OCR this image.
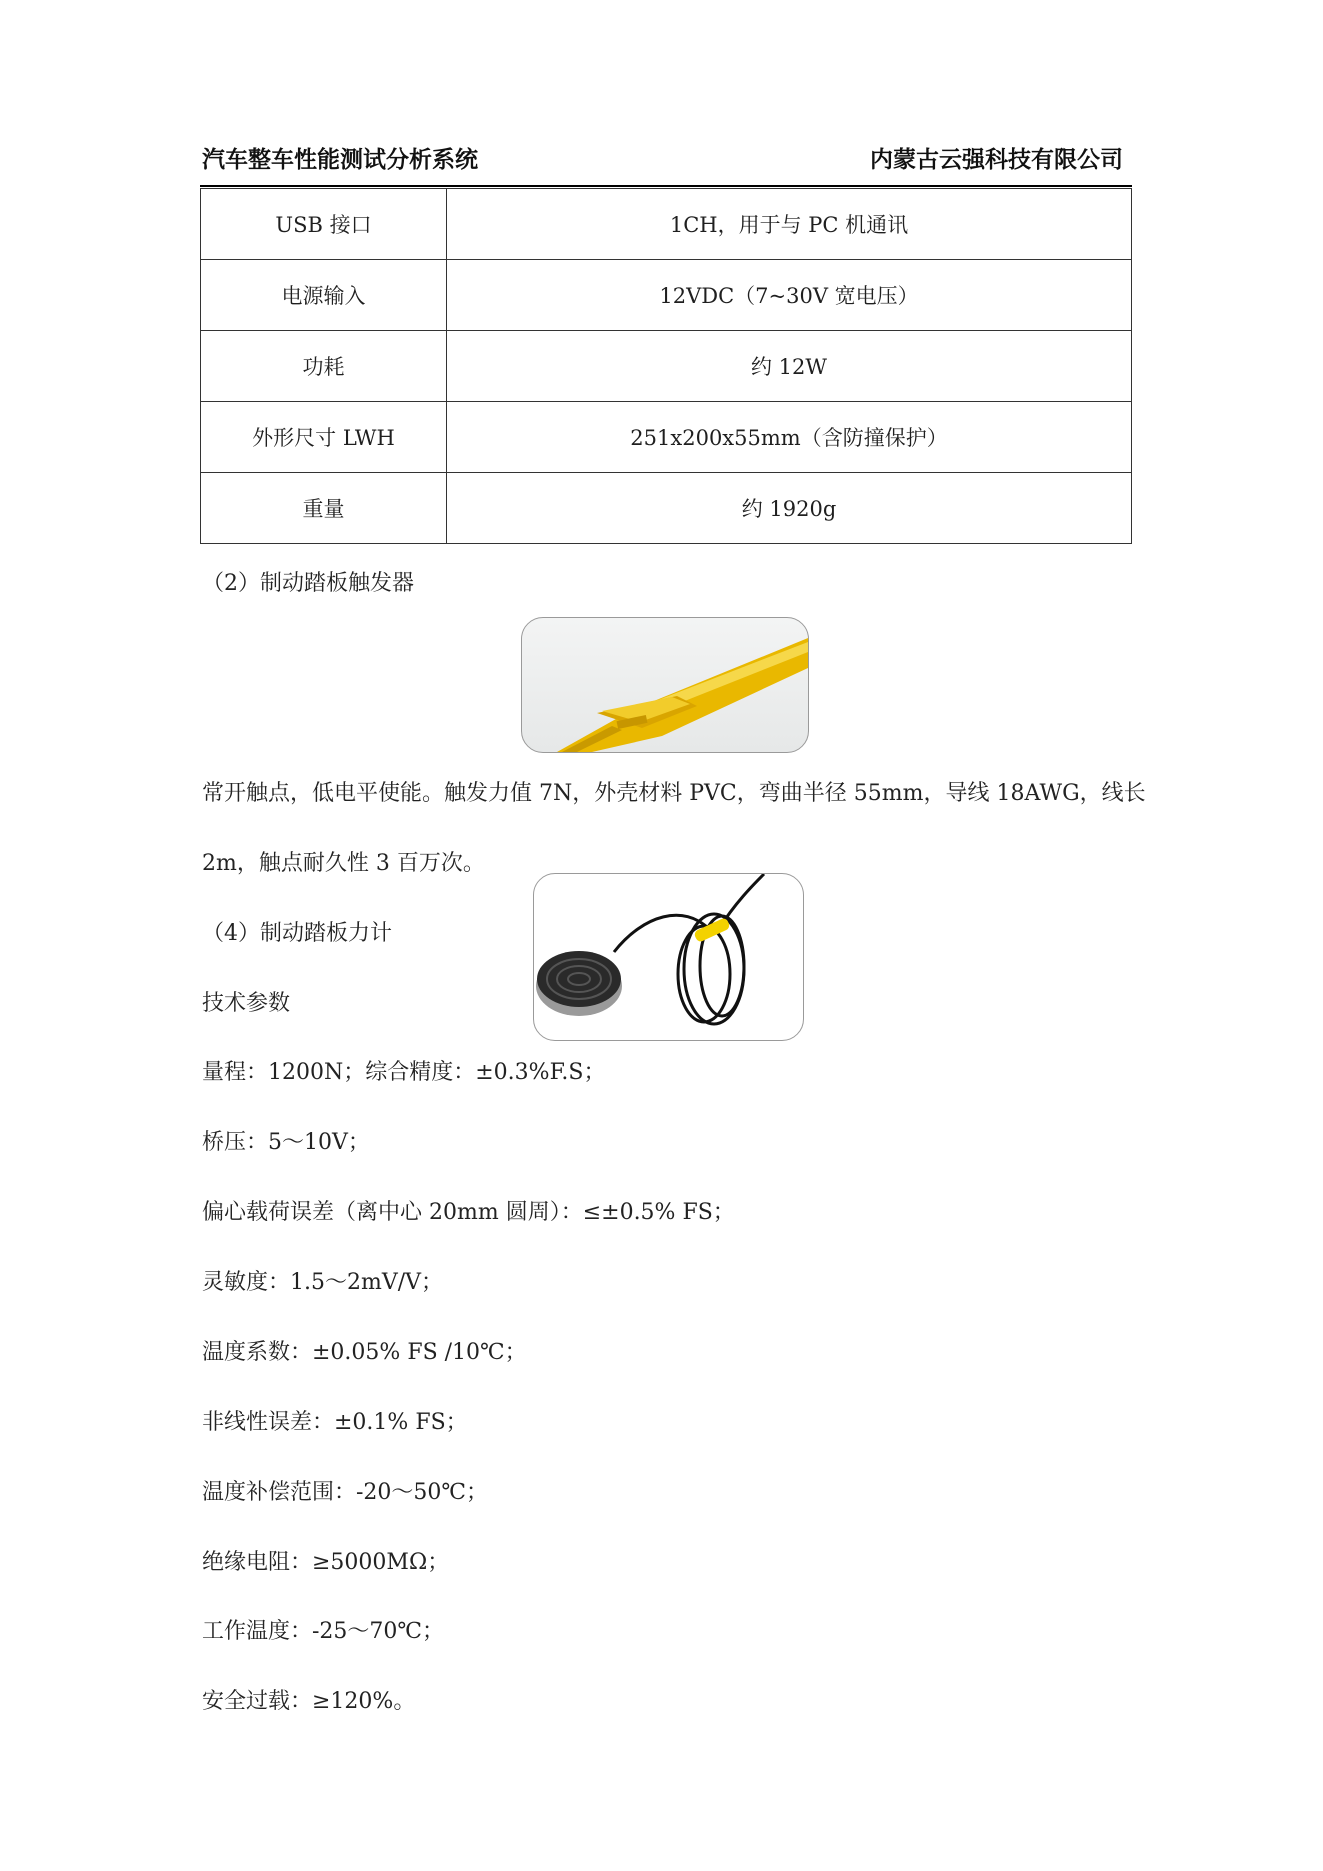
汽车整车性能测试分析系统	内蒙古云强科技有限公司
USB 接口	1CH，用于与 PC 机通讯
电源输入	12VDC（7~30V 宽电压）
功耗	约 12W
外形尺寸 LWH	251x200x55mm（含防撞保护）
重量	约 1920g
（2）制动踏板触发器
常开触点，低电平使能。触发力值 7N，外壳材料 PVC，弯曲半径 55mm，导线 18AWG，线长
2m，触点耐久性 3 百万次。
（4）制动踏板力计
技术参数
量程：1200N；综合精度：±0.3%F.S；
桥压：5～10V；
偏心载荷误差（离中心 20mm 圆周）：≤±0.5% FS；
灵敏度：1.5～2mV/V；
温度系数：±0.05% FS /10℃；
非线性误差：±0.1% FS；
温度补偿范围：-20～50℃；
绝缘电阻：≥5000MΩ；
工作温度：-25～70℃；
安全过载：≥120%。
